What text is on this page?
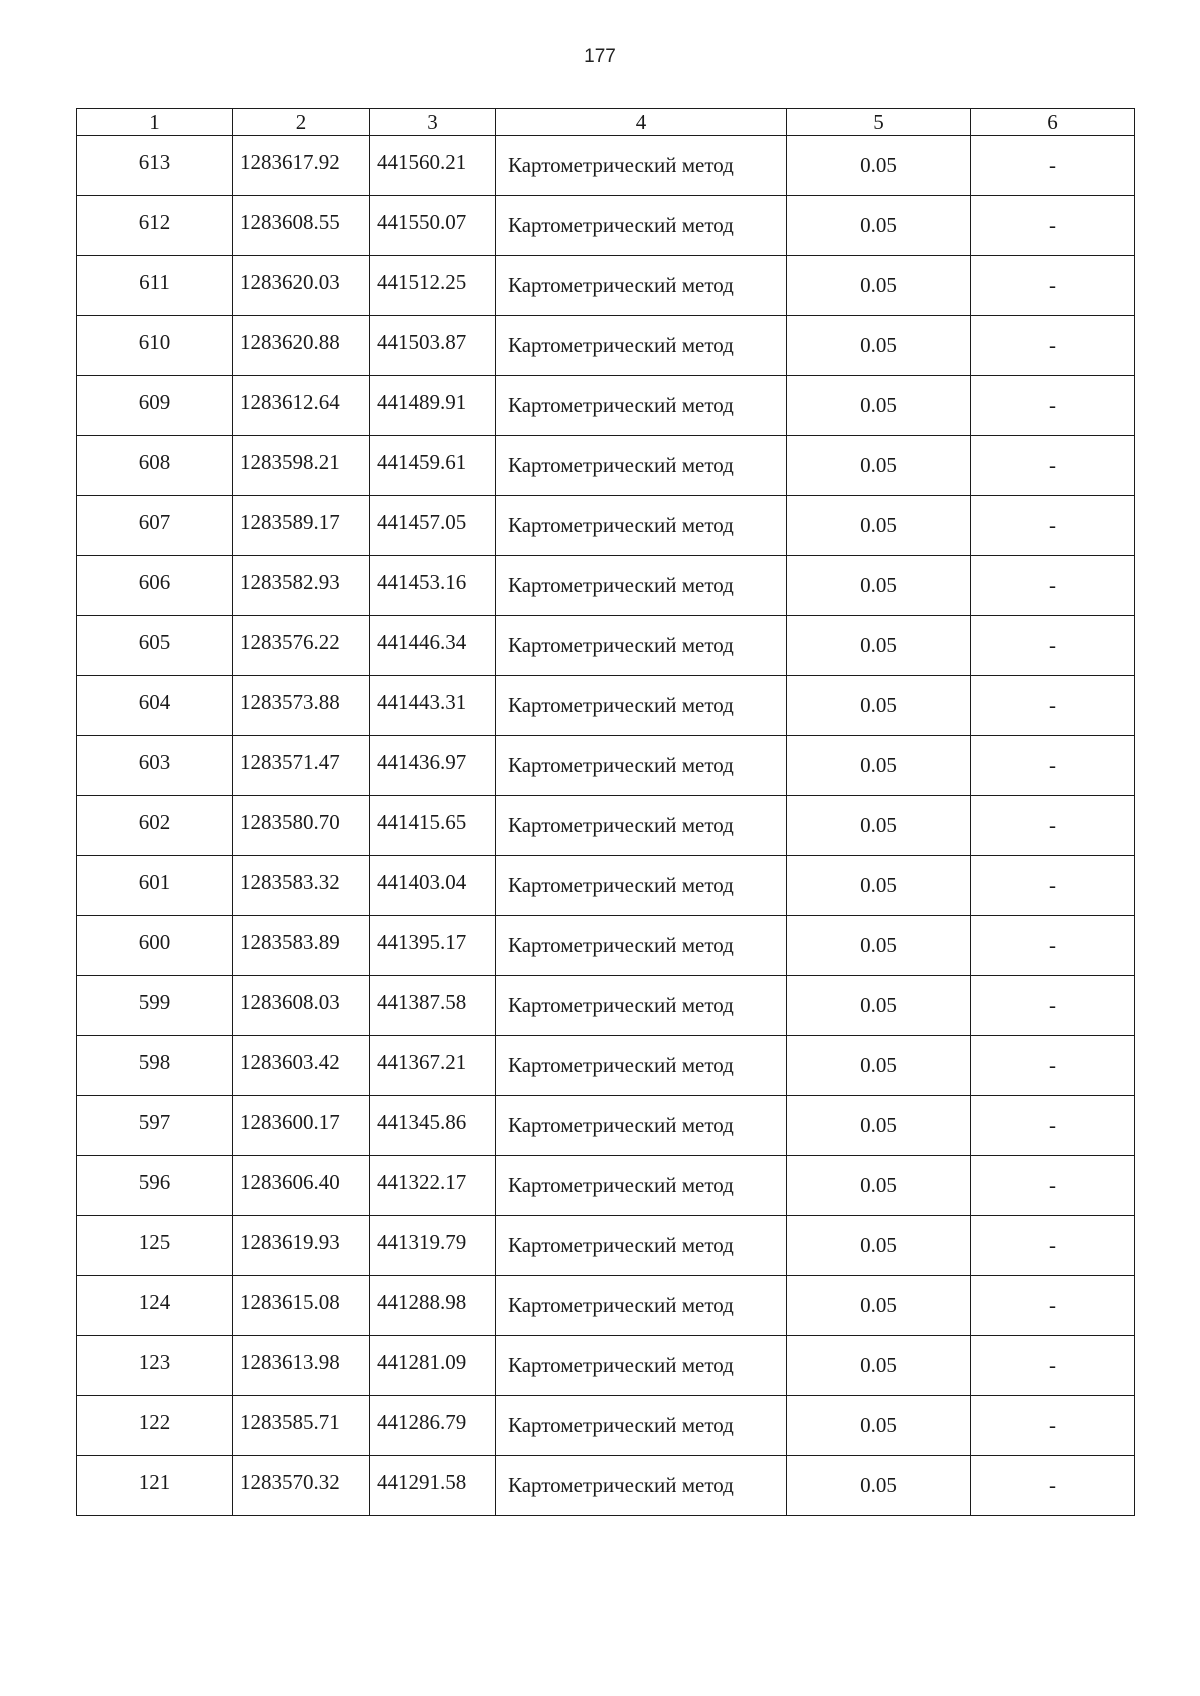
177
1	2	3	4	5	6
613	1283617.92	441560.21	Картометрический метод	0.05	-
612	1283608.55	441550.07	Картометрический метод	0.05	-
611	1283620.03	441512.25	Картометрический метод	0.05	-
610	1283620.88	441503.87	Картометрический метод	0.05	-
609	1283612.64	441489.91	Картометрический метод	0.05	-
608	1283598.21	441459.61	Картометрический метод	0.05	-
607	1283589.17	441457.05	Картометрический метод	0.05	-
606	1283582.93	441453.16	Картометрический метод	0.05	-
605	1283576.22	441446.34	Картометрический метод	0.05	-
604	1283573.88	441443.31	Картометрический метод	0.05	-
603	1283571.47	441436.97	Картометрический метод	0.05	-
602	1283580.70	441415.65	Картометрический метод	0.05	-
601	1283583.32	441403.04	Картометрический метод	0.05	-
600	1283583.89	441395.17	Картометрический метод	0.05	-
599	1283608.03	441387.58	Картометрический метод	0.05	-
598	1283603.42	441367.21	Картометрический метод	0.05	-
597	1283600.17	441345.86	Картометрический метод	0.05	-
596	1283606.40	441322.17	Картометрический метод	0.05	-
125	1283619.93	441319.79	Картометрический метод	0.05	-
124	1283615.08	441288.98	Картометрический метод	0.05	-
123	1283613.98	441281.09	Картометрический метод	0.05	-
122	1283585.71	441286.79	Картометрический метод	0.05	-
121	1283570.32	441291.58	Картометрический метод	0.05	-
